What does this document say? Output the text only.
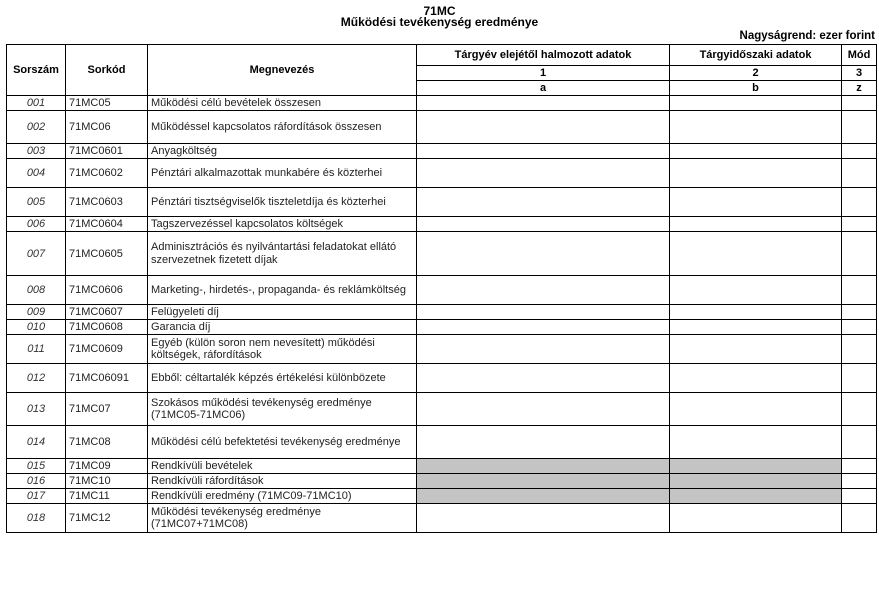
71MC
Működési tevékenység eredménye
Nagyságrend: ezer forint
Sorszám	Sorkód	Megnevezés	Tárgyév elejétől halmozott adatok	Tárgyidőszaki adatok	Mód
			1	2	3
			a	b	z
001	71MC05	Működési célú bevételek összesen			
002	71MC06	Működéssel kapcsolatos ráfordítások összesen			
003	71MC0601	Anyagköltség			
004	71MC0602	Pénztári alkalmazottak munkabére és közterhei			
005	71MC0603	Pénztári tisztségviselők tiszteletdíja és közterhei			
006	71MC0604	Tagszervezéssel kapcsolatos költségek			
007	71MC0605	Adminisztrációs és nyilvántartási feladatokat ellátó szervezetnek fizetett díjak			
008	71MC0606	Marketing-, hirdetés-, propaganda- és reklámköltség			
009	71MC0607	Felügyeleti díj			
010	71MC0608	Garancia díj			
011	71MC0609	Egyéb (külön soron nem nevesített) működési költségek, ráfordítások			
012	71MC06091	Ebből: céltartalék képzés értékelési különbözete			
013	71MC07	Szokásos működési tevékenység eredménye (71MC05-71MC06)			
014	71MC08	Működési célú befektetési tevékenység eredménye			
015	71MC09	Rendkívüli bevételek			
016	71MC10	Rendkívüli ráfordítások			
017	71MC11	Rendkívüli eredmény (71MC09-71MC10)			
018	71MC12	Működési tevékenység eredménye (71MC07+71MC08)			
